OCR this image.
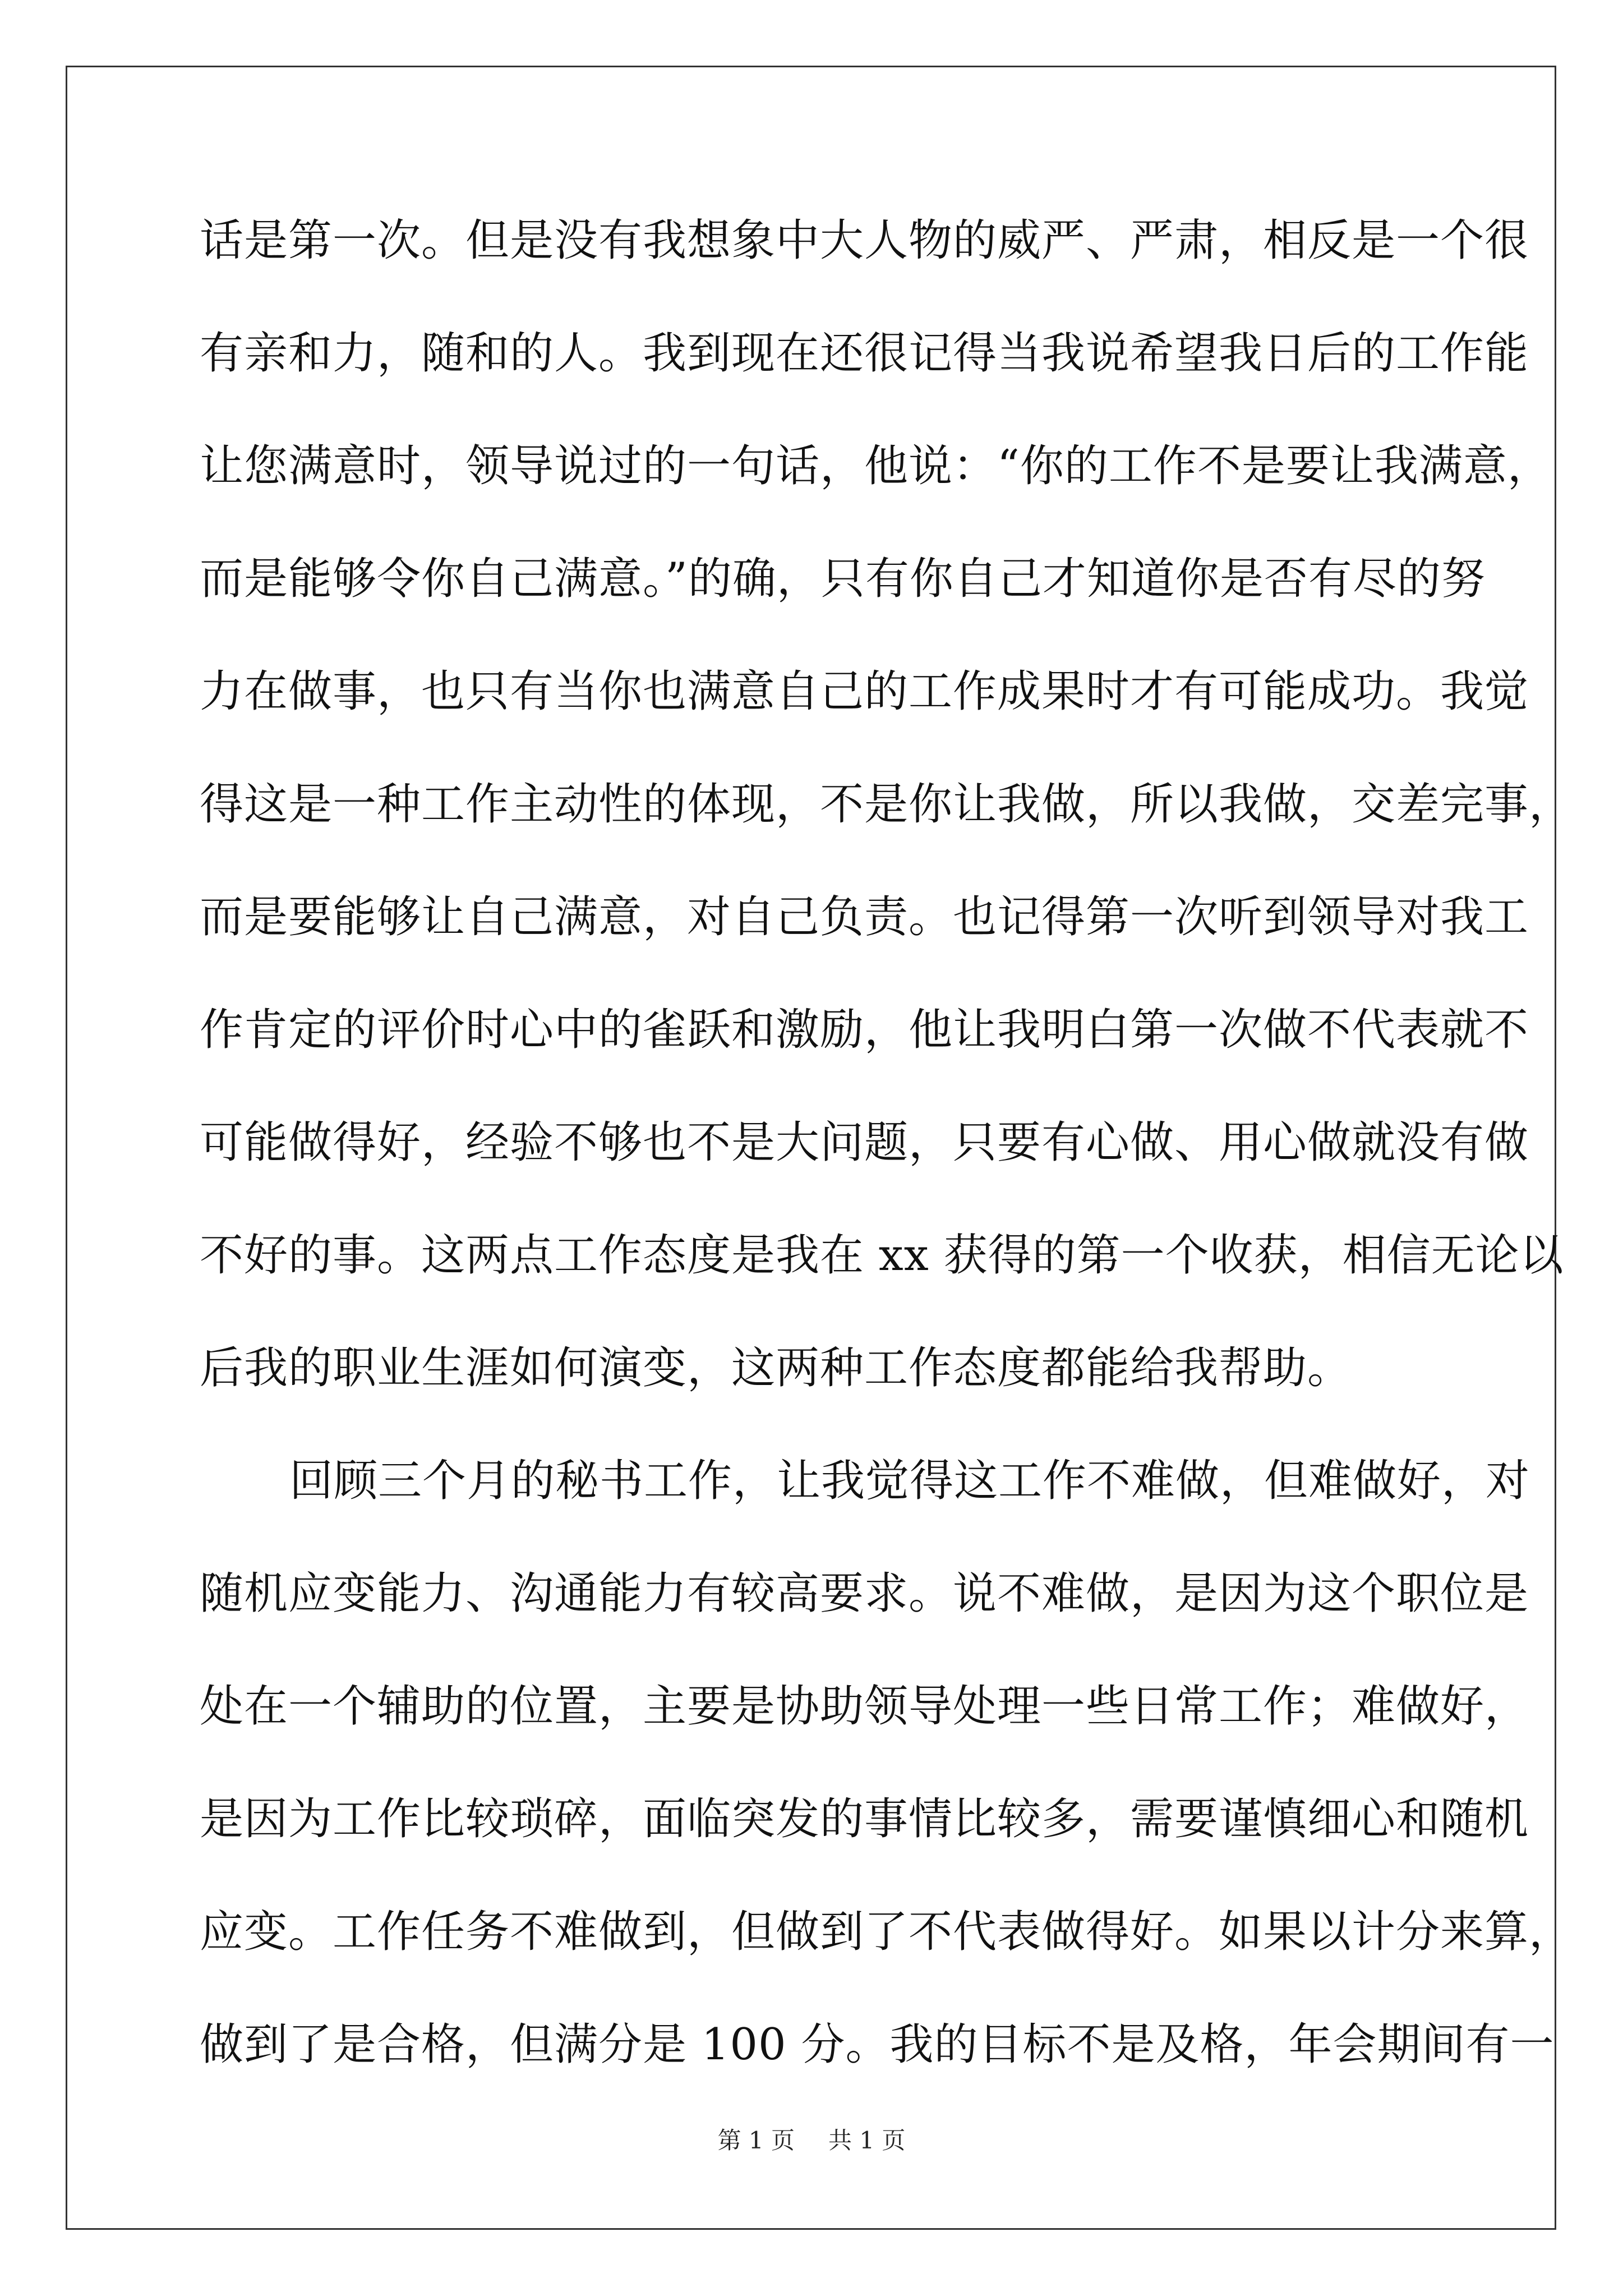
话是第一次。但是没有我想象中大人物的威严、严肃，相反是一个很

有亲和力，随和的人。我到现在还很记得当我说希望我日后的工作能

让您满意时，领导说过的一句话，他说：“你的工作不是要让我满意，

而是能够令你自己满意。”的确，只有你自己才知道你是否有尽的努

力在做事，也只有当你也满意自己的工作成果时才有可能成功。我觉

得这是一种工作主动性的体现，不是你让我做，所以我做，交差完事，

而是要能够让自己满意，对自己负责。也记得第一次听到领导对我工

作肯定的评价时心中的雀跃和激励，他让我明白第一次做不代表就不

可能做得好，经验不够也不是大问题，只要有心做、用心做就没有做

不好的事。这两点工作态度是我在 xx 获得的第一个收获，相信无论以

后我的职业生涯如何演变，这两种工作态度都能给我帮助。

回顾三个月的秘书工作，让我觉得这工作不难做，但难做好，对

随机应变能力、沟通能力有较高要求。说不难做，是因为这个职位是

处在一个辅助的位置，主要是协助领导处理一些日常工作；难做好，

是因为工作比较琐碎，面临突发的事情比较多，需要谨慎细心和随机

应变。工作任务不难做到，但做到了不代表做得好。如果以计分来算，

做到了是合格，但满分是 100 分。我的目标不是及格，年会期间有一

第 1 页 共 1 页
